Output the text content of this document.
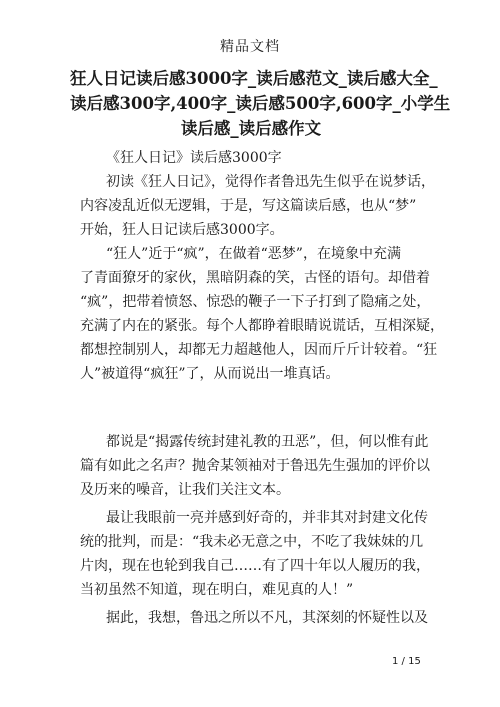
精品文档
狂人日记读后感3000字_读后感范文_读后感大全_
读后感300字,400字_读后感500字,600字_小学生
读后感_读后感作文
《狂人日记》读后感3000字
初读《狂人日记》，觉得作者鲁迅先生似乎在说梦话，
内容凌乱近似无逻辑，于是，写这篇读后感，也从“梦”
开始，狂人日记读后感3000字。
“狂人”近于“疯”，在做着“恶梦”，在境象中充满
了青面獠牙的家伙，黑暗阴森的笑，古怪的语句。却借着
“疯”，把带着愤怒、惊恐的鞭子一下子打到了隐痛之处，
充满了内在的紧张。每个人都睁着眼睛说谎话，互相深疑，
都想控制别人，却都无力超越他人，因而斤斤计较着。“狂
人”被道得“疯狂”了，从而说出一堆真话。
都说是“揭露传统封建礼教的丑恶”，但，何以惟有此
篇有如此之名声？抛舍某领袖对于鲁迅先生强加的评价以
及历来的噪音，让我们关注文本。
最让我眼前一亮并感到好奇的，并非其对封建文化传
统的批判，而是：“我未必无意之中，不吃了我妹妹的几
片肉，现在也轮到我自己……有了四十年以人履历的我，
当初虽然不知道，现在明白，难见真的人！”
据此，我想，鲁迅之所以不凡，其深刻的怀疑性以及
1 / 15
